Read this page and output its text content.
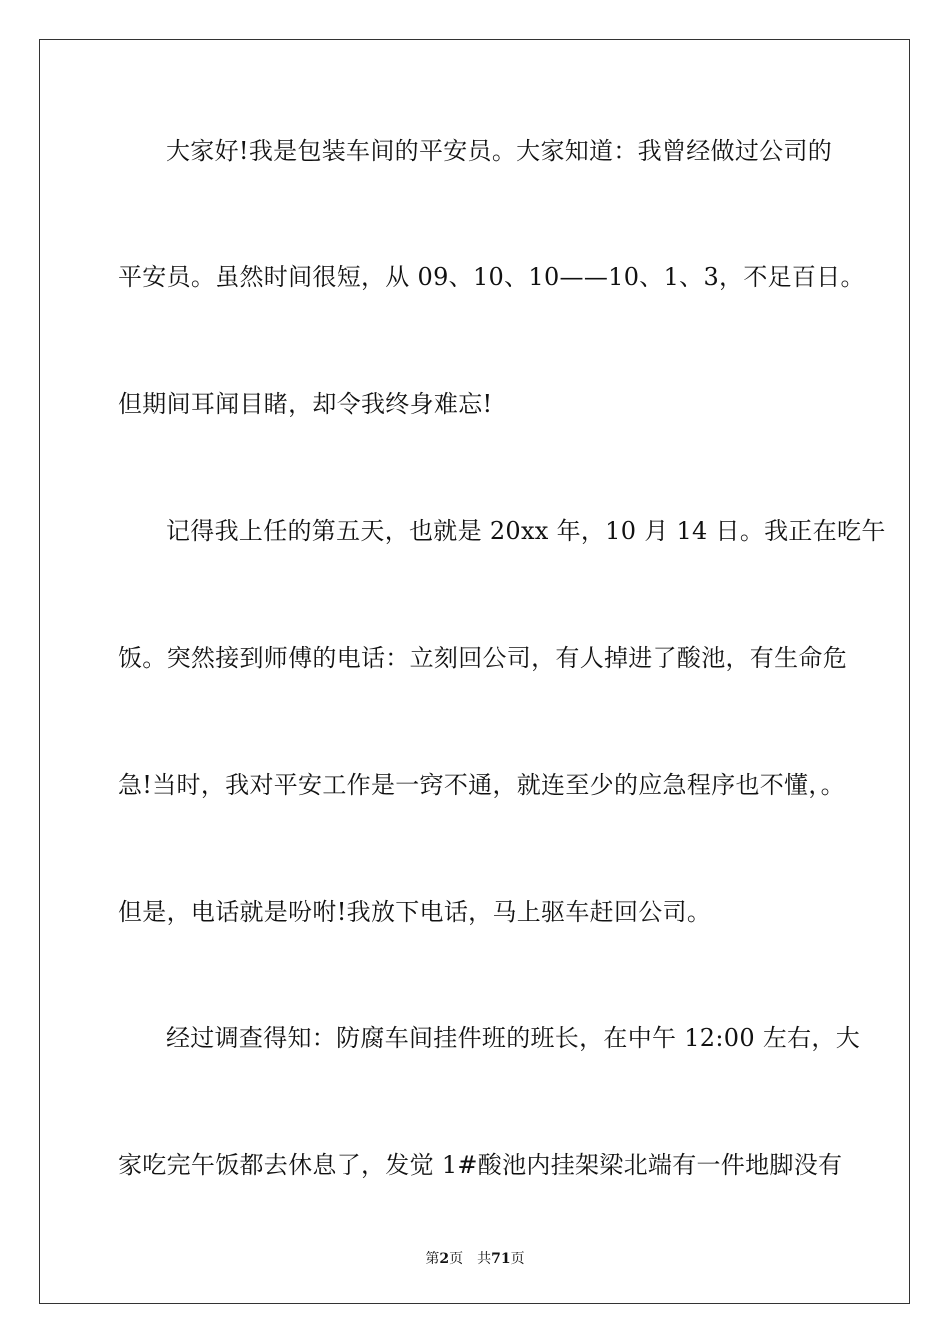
大家好!我是包装车间的平安员。大家知道：我曾经做过公司的
平安员。虽然时间很短，从 09、10、10——10、1、3，不足百日。
但期间耳闻目睹，却令我终身难忘!
记得我上任的第五天，也就是 20xx 年，10 月 14 日。我正在吃午
饭。突然接到师傅的电话：立刻回公司，有人掉进了酸池，有生命危
急!当时，我对平安工作是一窍不通，就连至少的应急程序也不懂，。
但是，电话就是吩咐!我放下电话，马上驱车赶回公司。
经过调查得知：防腐车间挂件班的班长，在中午 12:00 左右，大
家吃完午饭都去休息了，发觉 1#酸池内挂架梁北端有一件地脚没有
第2页 共71页
